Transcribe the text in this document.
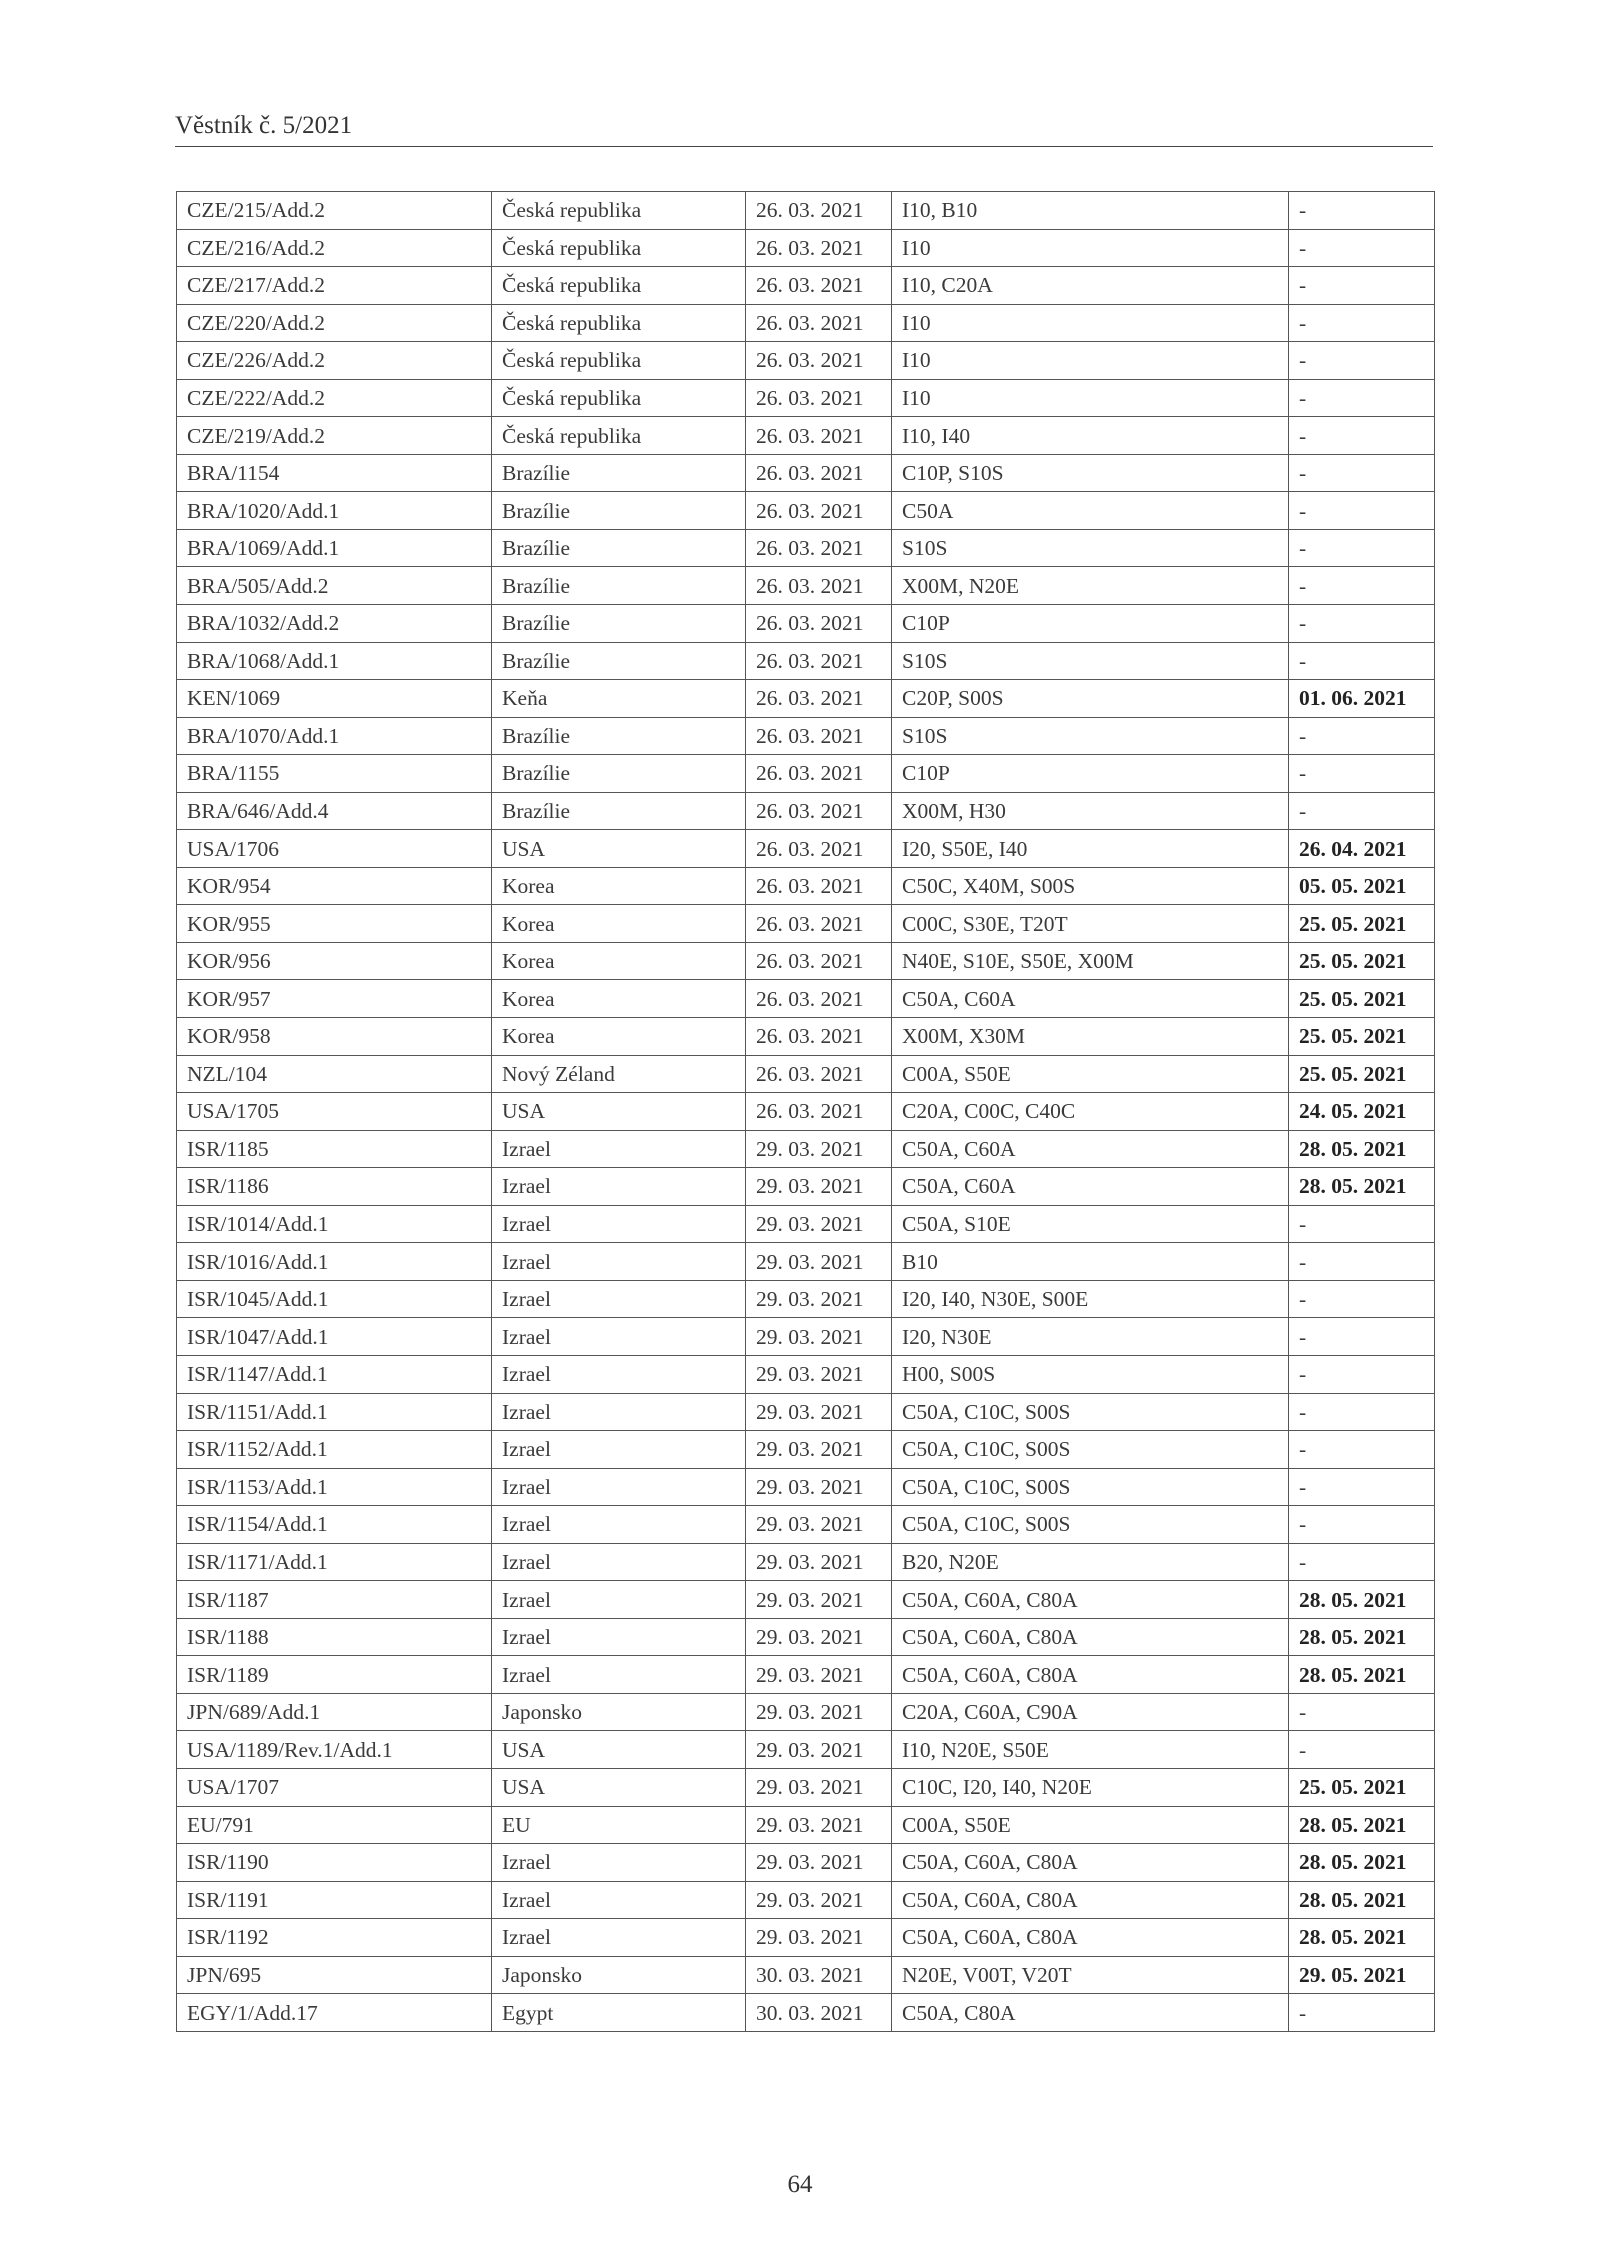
Věstník č. 5/2021
CZE/215/Add.2	Česká republika	26. 03. 2021	I10, B10	-
CZE/216/Add.2	Česká republika	26. 03. 2021	I10	-
CZE/217/Add.2	Česká republika	26. 03. 2021	I10, C20A	-
CZE/220/Add.2	Česká republika	26. 03. 2021	I10	-
CZE/226/Add.2	Česká republika	26. 03. 2021	I10	-
CZE/222/Add.2	Česká republika	26. 03. 2021	I10	-
CZE/219/Add.2	Česká republika	26. 03. 2021	I10, I40	-
BRA/1154	Brazílie	26. 03. 2021	C10P, S10S	-
BRA/1020/Add.1	Brazílie	26. 03. 2021	C50A	-
BRA/1069/Add.1	Brazílie	26. 03. 2021	S10S	-
BRA/505/Add.2	Brazílie	26. 03. 2021	X00M, N20E	-
BRA/1032/Add.2	Brazílie	26. 03. 2021	C10P	-
BRA/1068/Add.1	Brazílie	26. 03. 2021	S10S	-
KEN/1069	Keňa	26. 03. 2021	C20P, S00S	01. 06. 2021
BRA/1070/Add.1	Brazílie	26. 03. 2021	S10S	-
BRA/1155	Brazílie	26. 03. 2021	C10P	-
BRA/646/Add.4	Brazílie	26. 03. 2021	X00M, H30	-
USA/1706	USA	26. 03. 2021	I20, S50E, I40	26. 04. 2021
KOR/954	Korea	26. 03. 2021	C50C, X40M, S00S	05. 05. 2021
KOR/955	Korea	26. 03. 2021	C00C, S30E, T20T	25. 05. 2021
KOR/956	Korea	26. 03. 2021	N40E, S10E, S50E, X00M	25. 05. 2021
KOR/957	Korea	26. 03. 2021	C50A, C60A	25. 05. 2021
KOR/958	Korea	26. 03. 2021	X00M, X30M	25. 05. 2021
NZL/104	Nový Zéland	26. 03. 2021	C00A, S50E	25. 05. 2021
USA/1705	USA	26. 03. 2021	C20A, C00C, C40C	24. 05. 2021
ISR/1185	Izrael	29. 03. 2021	C50A, C60A	28. 05. 2021
ISR/1186	Izrael	29. 03. 2021	C50A, C60A	28. 05. 2021
ISR/1014/Add.1	Izrael	29. 03. 2021	C50A, S10E	-
ISR/1016/Add.1	Izrael	29. 03. 2021	B10	-
ISR/1045/Add.1	Izrael	29. 03. 2021	I20, I40, N30E, S00E	-
ISR/1047/Add.1	Izrael	29. 03. 2021	I20, N30E	-
ISR/1147/Add.1	Izrael	29. 03. 2021	H00, S00S	-
ISR/1151/Add.1	Izrael	29. 03. 2021	C50A, C10C, S00S	-
ISR/1152/Add.1	Izrael	29. 03. 2021	C50A, C10C, S00S	-
ISR/1153/Add.1	Izrael	29. 03. 2021	C50A, C10C, S00S	-
ISR/1154/Add.1	Izrael	29. 03. 2021	C50A, C10C, S00S	-
ISR/1171/Add.1	Izrael	29. 03. 2021	B20, N20E	-
ISR/1187	Izrael	29. 03. 2021	C50A, C60A, C80A	28. 05. 2021
ISR/1188	Izrael	29. 03. 2021	C50A, C60A, C80A	28. 05. 2021
ISR/1189	Izrael	29. 03. 2021	C50A, C60A, C80A	28. 05. 2021
JPN/689/Add.1	Japonsko	29. 03. 2021	C20A, C60A, C90A	-
USA/1189/Rev.1/Add.1	USA	29. 03. 2021	I10, N20E, S50E	-
USA/1707	USA	29. 03. 2021	C10C, I20, I40, N20E	25. 05. 2021
EU/791	EU	29. 03. 2021	C00A, S50E	28. 05. 2021
ISR/1190	Izrael	29. 03. 2021	C50A, C60A, C80A	28. 05. 2021
ISR/1191	Izrael	29. 03. 2021	C50A, C60A, C80A	28. 05. 2021
ISR/1192	Izrael	29. 03. 2021	C50A, C60A, C80A	28. 05. 2021
JPN/695	Japonsko	30. 03. 2021	N20E, V00T, V20T	29. 05. 2021
EGY/1/Add.17	Egypt	30. 03. 2021	C50A, C80A	-
64
